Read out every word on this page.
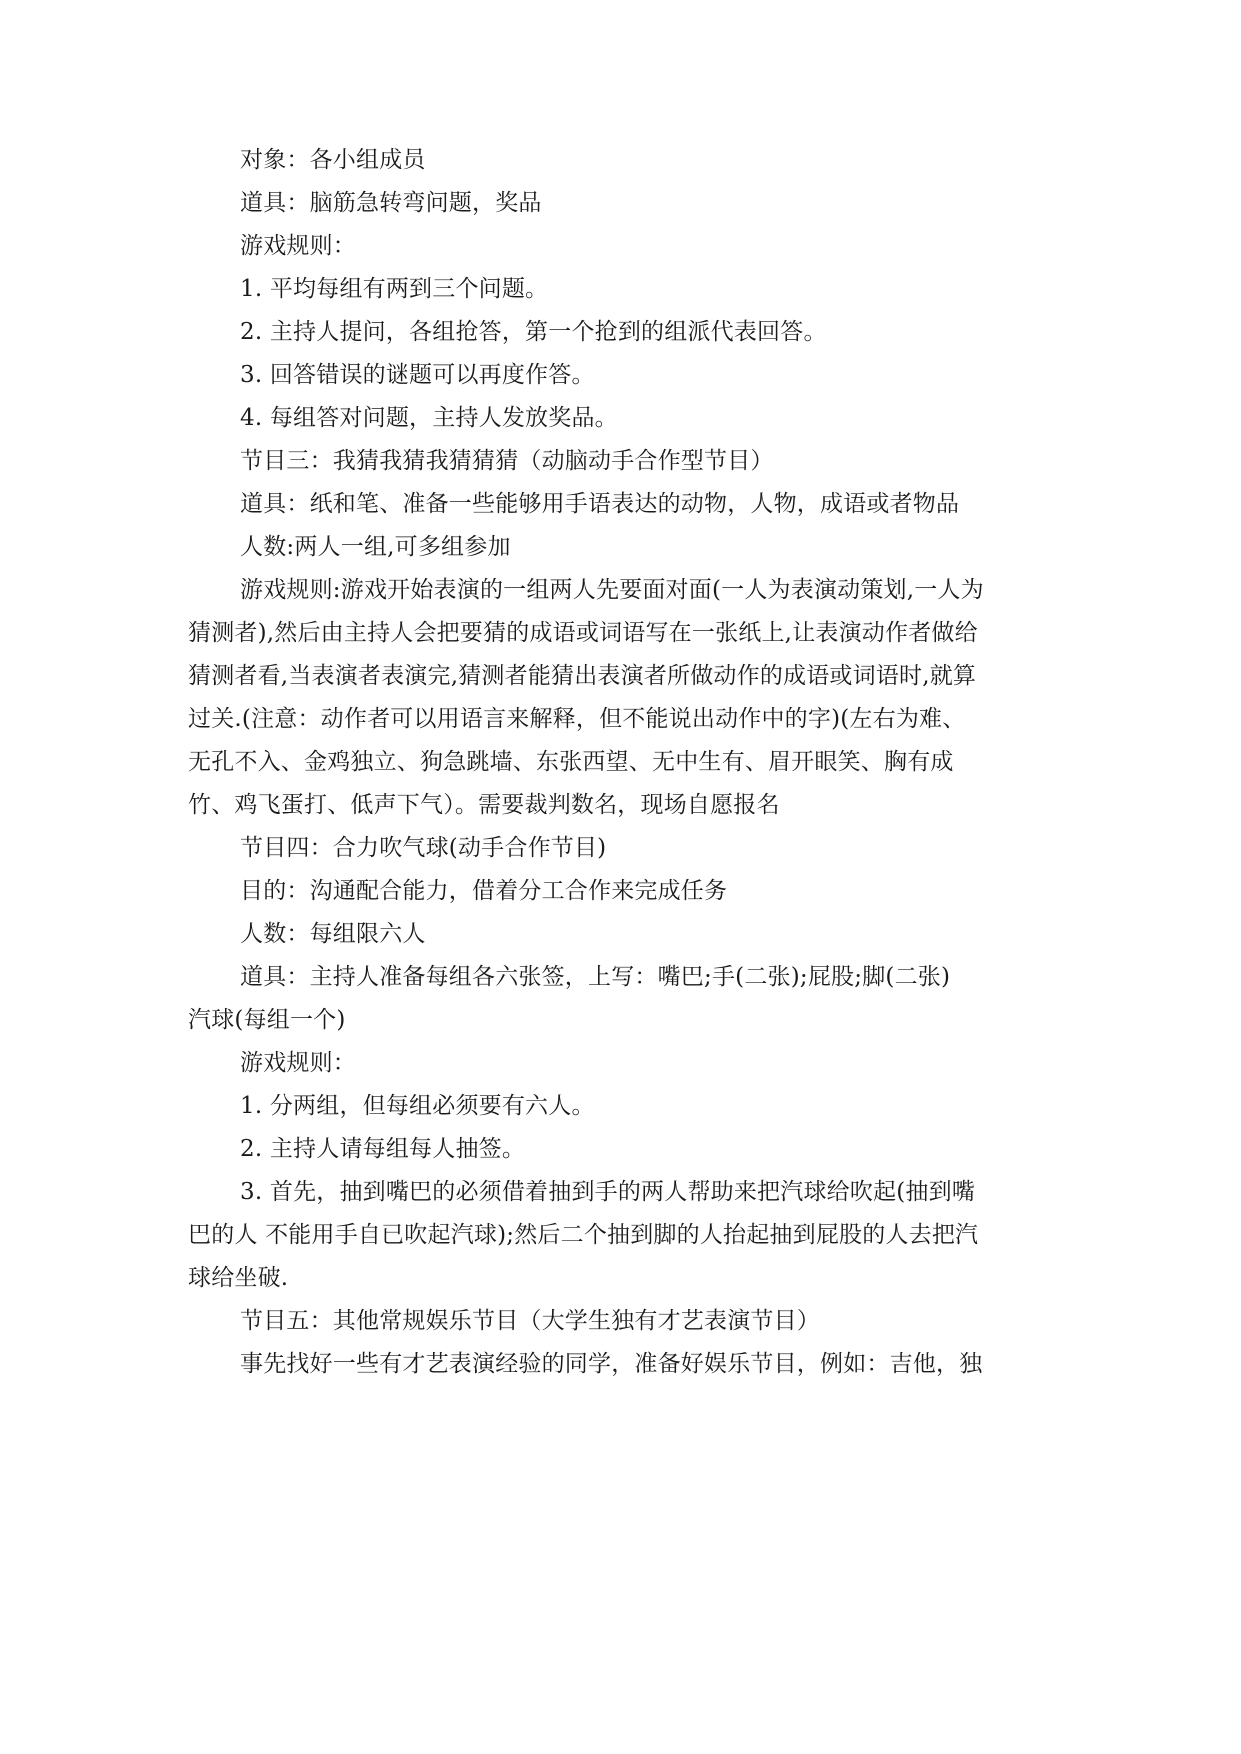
对象：各小组成员
道具：脑筋急转弯问题，奖品
游戏规则：
1. 平均每组有两到三个问题。
2. 主持人提问，各组抢答，第一个抢到的组派代表回答。
3. 回答错误的谜题可以再度作答。
4. 每组答对问题，主持人发放奖品。
节目三：我猜我猜我猜猜猜（动脑动手合作型节目）
道具：纸和笔、准备一些能够用手语表达的动物，人物，成语或者物品
人数:两人一组,可多组参加
游戏规则:游戏开始表演的一组两人先要面对面(一人为表演动策划,一人为
猜测者),然后由主持人会把要猜的成语或词语写在一张纸上,让表演动作者做给
猜测者看,当表演者表演完,猜测者能猜出表演者所做动作的成语或词语时,就算
过关.(注意：动作者可以用语言来解释，但不能说出动作中的字)(左右为难、
无孔不入、金鸡独立、狗急跳墙、东张西望、无中生有、眉开眼笑、胸有成
竹、鸡飞蛋打、低声下气）。需要裁判数名，现场自愿报名
节目四：合力吹气球(动手合作节目)
目的：沟通配合能力，借着分工合作来完成任务
人数：每组限六人
道具：主持人准备每组各六张签，上写：嘴巴;手(二张);屁股;脚(二张)
汽球(每组一个)
游戏规则：
1. 分两组，但每组必须要有六人。
2. 主持人请每组每人抽签。
3. 首先，抽到嘴巴的必须借着抽到手的两人帮助来把汽球给吹起(抽到嘴
巴的人 不能用手自已吹起汽球);然后二个抽到脚的人抬起抽到屁股的人去把汽
球给坐破.
节目五：其他常规娱乐节目（大学生独有才艺表演节目）
事先找好一些有才艺表演经验的同学，准备好娱乐节目，例如：吉他，独
